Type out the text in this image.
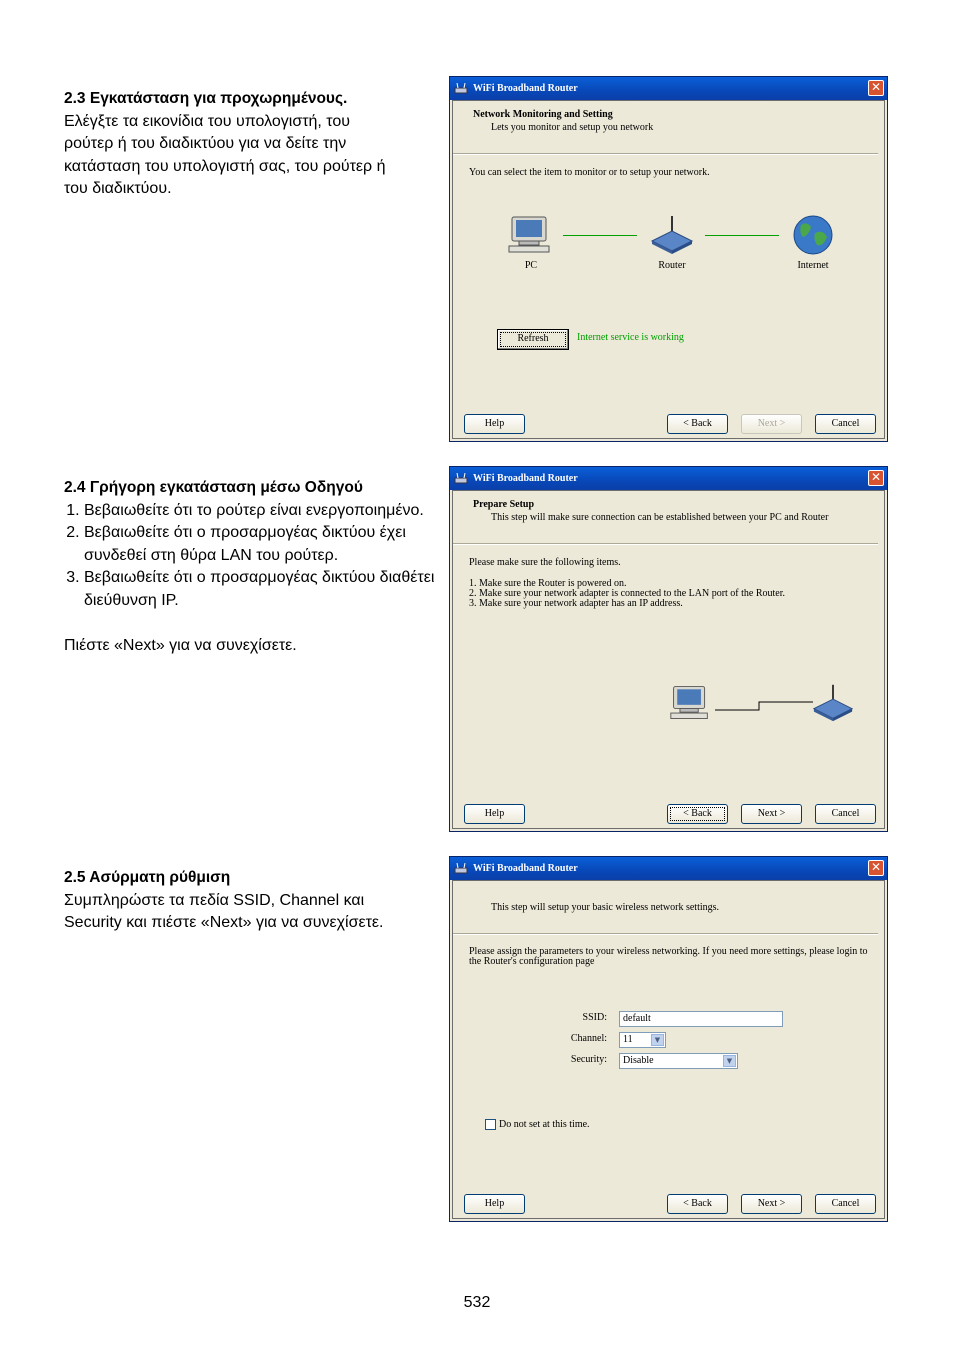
2.3 Εγκατάσταση για προχωρημένους.

Ελέγξτε τα εικονίδια του υπολογιστή, του

ρούτερ ή του διαδικτύου για να δείτε την

κατάσταση του υπολογιστή σας, του ρούτερ ή

του διαδικτύου.

2.4 Γρήγορη εγκατάσταση μέσω Οδηγού

1. Βεβαιωθείτε ότι το ρούτερ είναι ενεργοποιημένο.
2. Βεβαιωθείτε ότι ο προσαρμογέας δικτύου έχει συνδεθεί στη θύρα LAN του ρούτερ.
3. Βεβαιωθείτε ότι ο προσαρμογέας δικτύου διαθέτει διεύθυνση IP.

Πιέστε «Next» για να συνεχίσετε.

2.5 Ασύρματη ρύθμιση

Συμπληρώστε τα πεδία SSID, Channel και

Security και πιέστε «Next» για να συνεχίσετε.

WiFi Broadband Router	✕
Network Monitoring and Setting
Lets you monitor and setup you network
You can select the item to monitor or to setup your network.
PC	Router	Internet
Refresh	Internet service is working
Help	< Back	Next >	Cancel
WiFi Broadband Router	✕
Prepare Setup
This step will make sure connection can be established between your PC and Router
Please make sure the following items.
1. Make sure the Router is powered on.
2. Make sure your network adapter is connected to the LAN port of the Router.
3. Make sure your network adapter has an IP address.
Help	< Back	Next >	Cancel
WiFi Broadband Router	✕
This step will setup your basic wireless network settings.
Please assign the parameters to your wireless networking. If you need more settings, please login to
the Router's configuration page
SSID:	default
Channel:	11	▼
Security:	Disable	▼
Do not set at this time.
Help	< Back	Next >	Cancel
532
